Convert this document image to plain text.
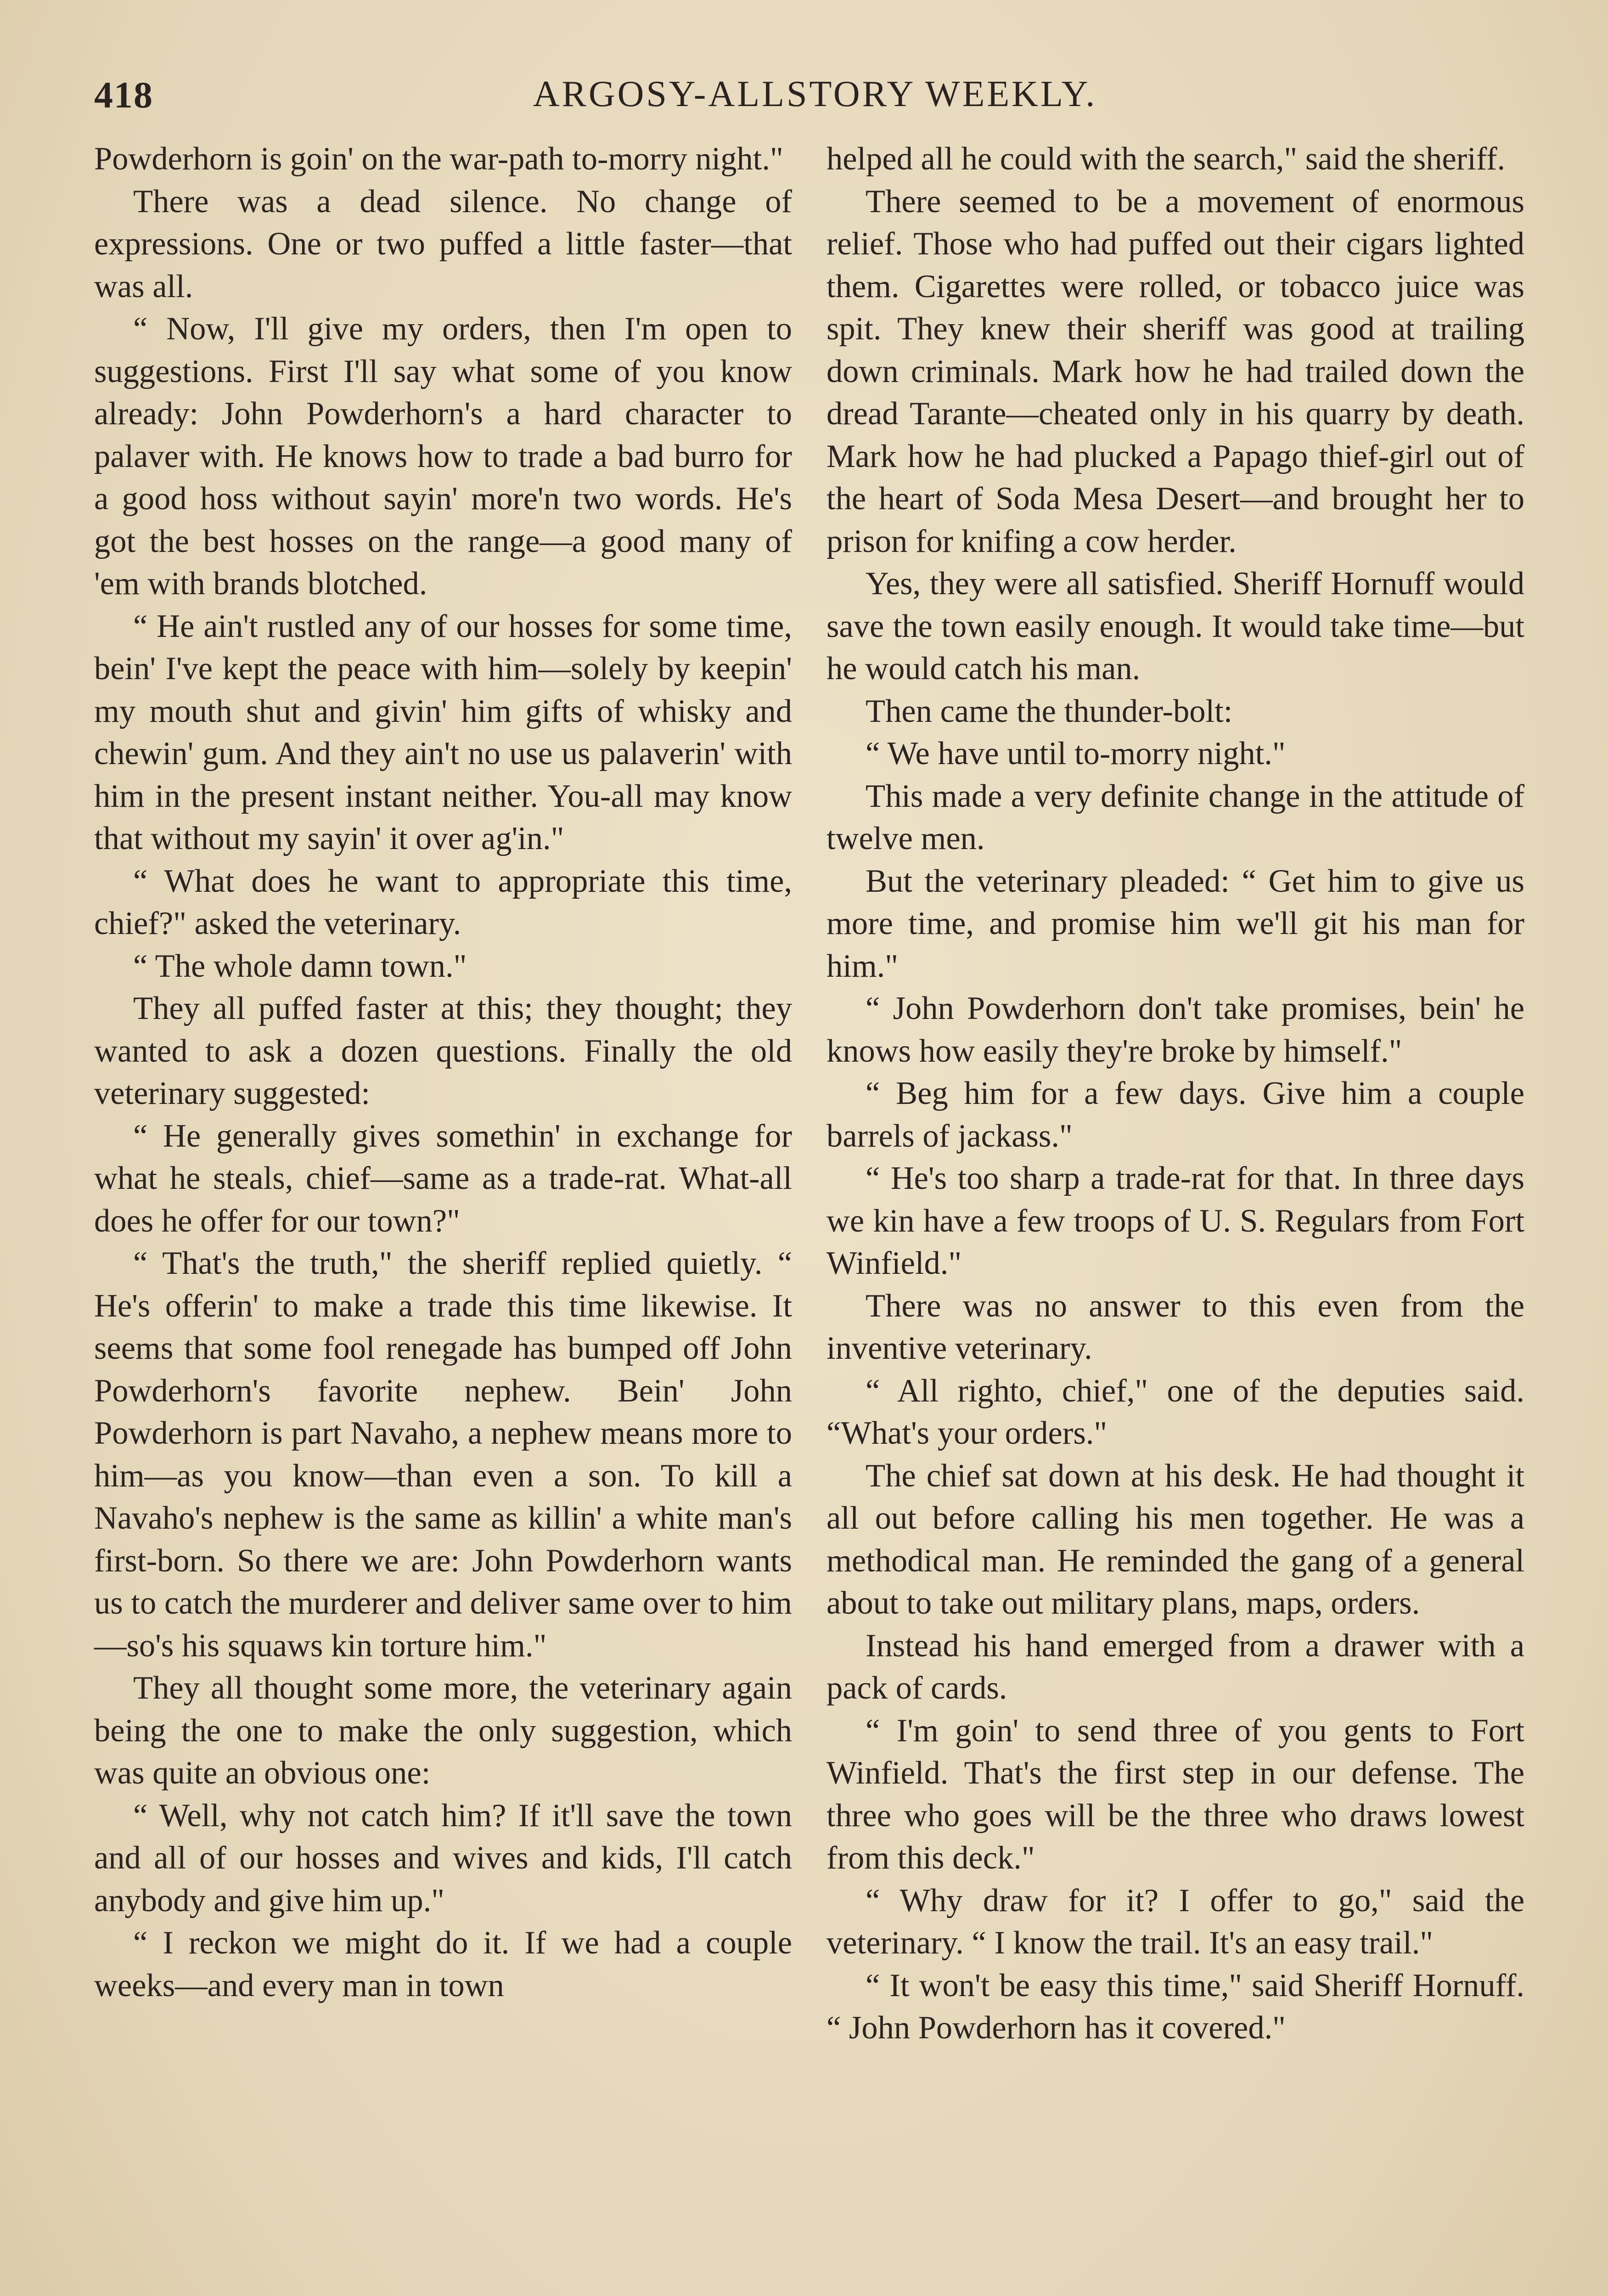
418	ARGOSY-ALLSTORY WEEKLY.

Powderhorn is goin' on the war-path to-morry night."

There was a dead silence. No change of expressions. One or two puffed a little faster—that was all.

“ Now, I'll give my orders, then I'm open to suggestions. First I'll say what some of you know already: John Powderhorn's a hard character to palaver with. He knows how to trade a bad burro for a good hoss without sayin' more'n two words. He's got the best hosses on the range—a good many of 'em with brands blotched.

“ He ain't rustled any of our hosses for some time, bein' I've kept the peace with him—solely by keepin' my mouth shut and givin' him gifts of whisky and chewin' gum. And they ain't no use us palaverin' with him in the present instant neither. You-all may know that without my sayin' it over ag'in."

“ What does he want to appropriate this time, chief?" asked the veterinary.

“ The whole damn town."

They all puffed faster at this; they thought; they wanted to ask a dozen questions. Finally the old veterinary suggested:

“ He generally gives somethin' in exchange for what he steals, chief—same as a trade-rat. What-all does he offer for our town?"

“ That's the truth," the sheriff replied quietly. “ He's offerin' to make a trade this time likewise. It seems that some fool renegade has bumped off John Powderhorn's favorite nephew. Bein' John Powderhorn is part Navaho, a nephew means more to him—as you know—than even a son. To kill a Navaho's nephew is the same as killin' a white man's first-born. So there we are: John Powderhorn wants us to catch the murderer and deliver same over to him—so's his squaws kin torture him."

They all thought some more, the veterinary again being the one to make the only suggestion, which was quite an obvious one:

“ Well, why not catch him? If it'll save the town and all of our hosses and wives and kids, I'll catch anybody and give him up."

“ I reckon we might do it. If we had a couple weeks—and every man in town

helped all he could with the search," said the sheriff.

There seemed to be a movement of enormous relief. Those who had puffed out their cigars lighted them. Cigarettes were rolled, or tobacco juice was spit. They knew their sheriff was good at trailing down criminals. Mark how he had trailed down the dread Tarante—cheated only in his quarry by death. Mark how he had plucked a Papago thief-girl out of the heart of Soda Mesa Desert—and brought her to prison for knifing a cow herder.

Yes, they were all satisfied. Sheriff Hornuff would save the town easily enough. It would take time—but he would catch his man.

Then came the thunder-bolt:

“ We have until to-morry night."

This made a very definite change in the attitude of twelve men.

But the veterinary pleaded: “ Get him to give us more time, and promise him we'll git his man for him."

“ John Powderhorn don't take promises, bein' he knows how easily they're broke by himself."

“ Beg him for a few days. Give him a couple barrels of jackass."

“ He's too sharp a trade-rat for that. In three days we kin have a few troops of U. S. Regulars from Fort Winfield."

There was no answer to this even from the inventive veterinary.

“ All righto, chief," one of the deputies said. “What's your orders."

The chief sat down at his desk. He had thought it all out before calling his men together. He was a methodical man. He reminded the gang of a general about to take out military plans, maps, orders.

Instead his hand emerged from a drawer with a pack of cards.

“ I'm goin' to send three of you gents to Fort Winfield. That's the first step in our defense. The three who goes will be the three who draws lowest from this deck."

“ Why draw for it? I offer to go," said the veterinary. “ I know the trail. It's an easy trail."

“ It won't be easy this time," said Sheriff Hornuff. “ John Powderhorn has it covered."
